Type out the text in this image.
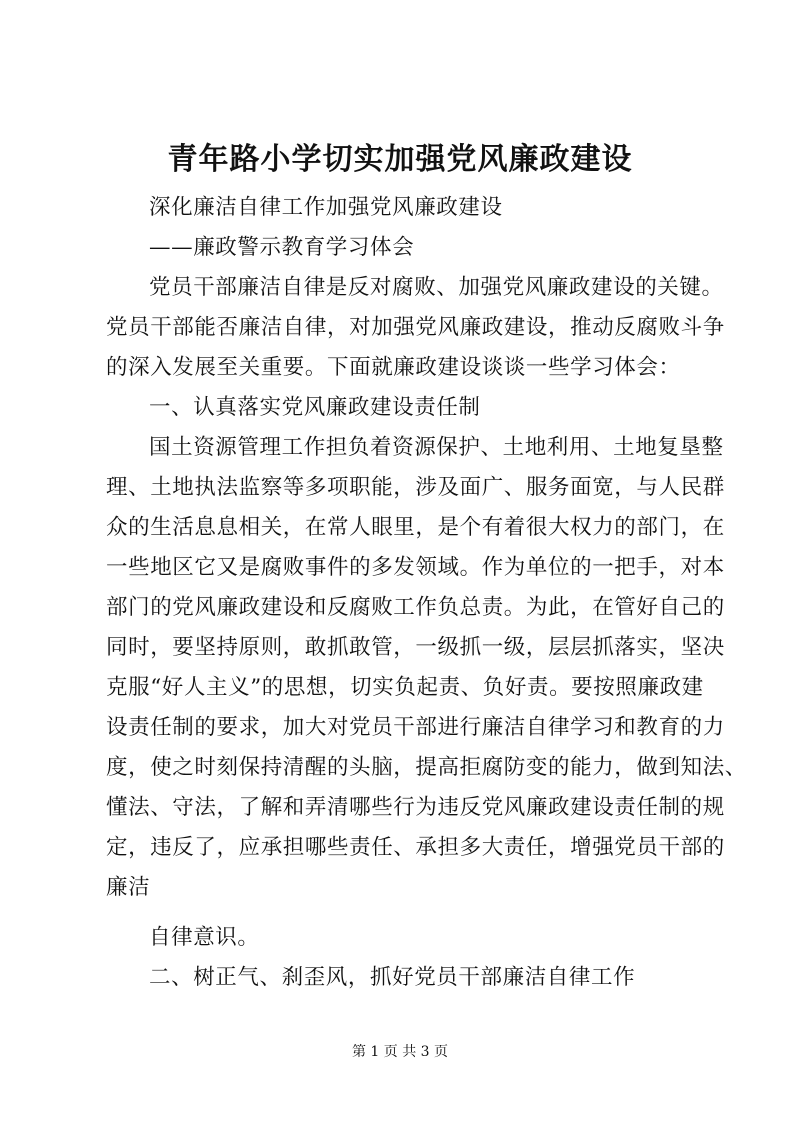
青年路小学切实加强党风廉政建设
深化廉洁自律工作加强党风廉政建设
——廉政警示教育学习体会
党员干部廉洁自律是反对腐败、加强党风廉政建设的关键。
党员干部能否廉洁自律，对加强党风廉政建设，推动反腐败斗争
的深入发展至关重要。下面就廉政建设谈谈一些学习体会：
一、认真落实党风廉政建设责任制
国土资源管理工作担负着资源保护、土地利用、土地复垦整
理、土地执法监察等多项职能，涉及面广、服务面宽，与人民群
众的生活息息相关，在常人眼里，是个有着很大权力的部门，在
一些地区它又是腐败事件的多发领域。作为单位的一把手，对本
部门的党风廉政建设和反腐败工作负总责。为此，在管好自己的
同时，要坚持原则，敢抓敢管，一级抓一级，层层抓落实，坚决
克服“好人主义”的思想，切实负起责、负好责。要按照廉政建
设责任制的要求，加大对党员干部进行廉洁自律学习和教育的力
度，使之时刻保持清醒的头脑，提高拒腐防变的能力，做到知法、
懂法、守法，了解和弄清哪些行为违反党风廉政建设责任制的规
定，违反了，应承担哪些责任、承担多大责任，增强党员干部的
廉洁
自律意识。
二、树正气、刹歪风，抓好党员干部廉洁自律工作
第 1 页 共 3 页
